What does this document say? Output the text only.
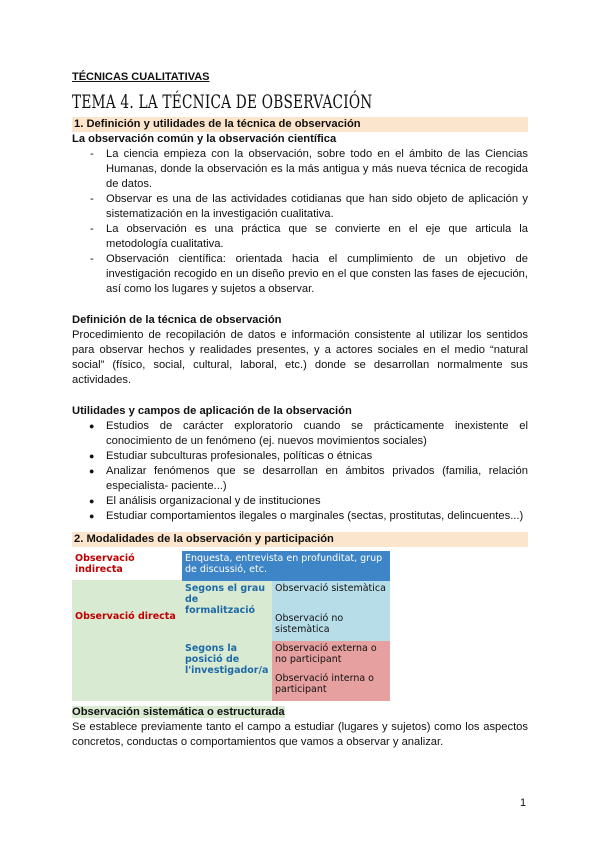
TÉCNICAS CUALITATIVAS
TEMA 4. LA TÉCNICA DE OBSERVACIÓN
1. Definición y utilidades de la técnica de observación
La observación común y la observación científica
- La ciencia empieza con la observación, sobre todo en el ámbito de las Ciencias Humanas, donde la observación es la más antigua y más nueva técnica de recogida de datos.
- Observar es una de las actividades cotidianas que han sido objeto de aplicación y sistematización en la investigación cualitativa.
- La observación es una práctica que se convierte en el eje que articula la metodología cualitativa.
- Observación científica: orientada hacia el cumplimiento de un objetivo de investigación recogido en un diseño previo en el que consten las fases de ejecución, así como los lugares y sujetos a observar.
Definición de la técnica de observación

Procedimiento de recopilación de datos e información consistente al utilizar los sentidos para observar hechos y realidades presentes, y a actores sociales en el medio “natural social” (físico, social, cultural, laboral, etc.) donde se desarrollan normalmente sus actividades.

Utilidades y campos de aplicación de la observación
● Estudios de carácter exploratorio cuando se prácticamente inexistente el conocimiento de un fenómeno (ej. nuevos movimientos sociales)
● Estudiar subculturas profesionales, políticas o étnicas
● Analizar fenómenos que se desarrollan en ámbitos privados (familia, relación especialista- paciente...)
● El análisis organizacional y de instituciones
● Estudiar comportamientos ilegales o marginales (sectas, prostitutas, delincuentes...)
2. Modalidades de la observación y participación
Observació indirecta
Enquesta, entrevista en profunditat, grup de discussió, etc.
Observació directa
Segons el grau de formalització
Observació sistemàtica
Observació no sistemàtica
Segons la posició de l'investigador/a
Observació externa o no participant
Observació interna o participant
Observación sistemática o estructurada

Se establece previamente tanto el campo a estudiar (lugares y sujetos) como los aspectos concretos, conductas o comportamientos que vamos a observar y analizar.

1
